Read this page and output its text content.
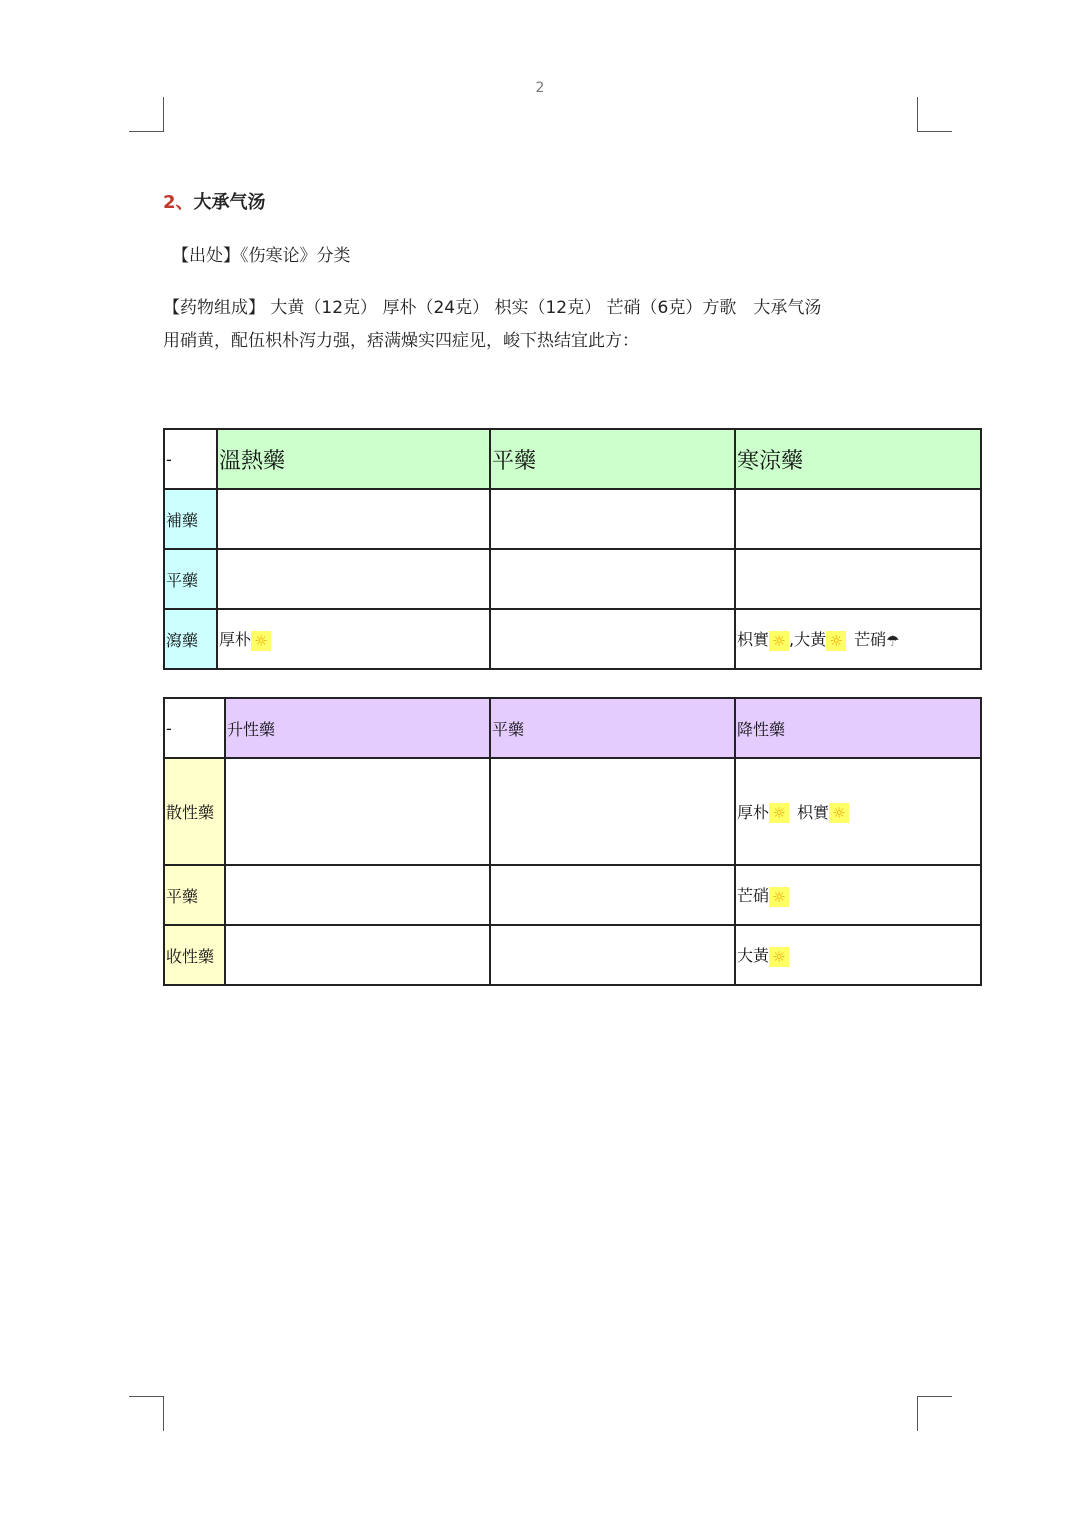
2
2、大承气汤
【出处】《伤寒论》分类
【药物组成】 大黄（12克） 厚朴（24克） 枳实（12克） 芒硝（6克）方歌　大承气汤
用硝黄，配伍枳朴泻力强，痞满燥实四症见，峻下热结宜此方：
-	溫熱藥	平藥	寒涼藥
補藥			
平藥			
瀉藥	厚朴 ☼		枳實 ☼ ,大黃 ☼ 芒硝☂
-	升性藥	平藥	降性藥
散性藥			厚朴 ☼ 枳實 ☼
平藥			芒硝 ☼
收性藥			大黃 ☼
